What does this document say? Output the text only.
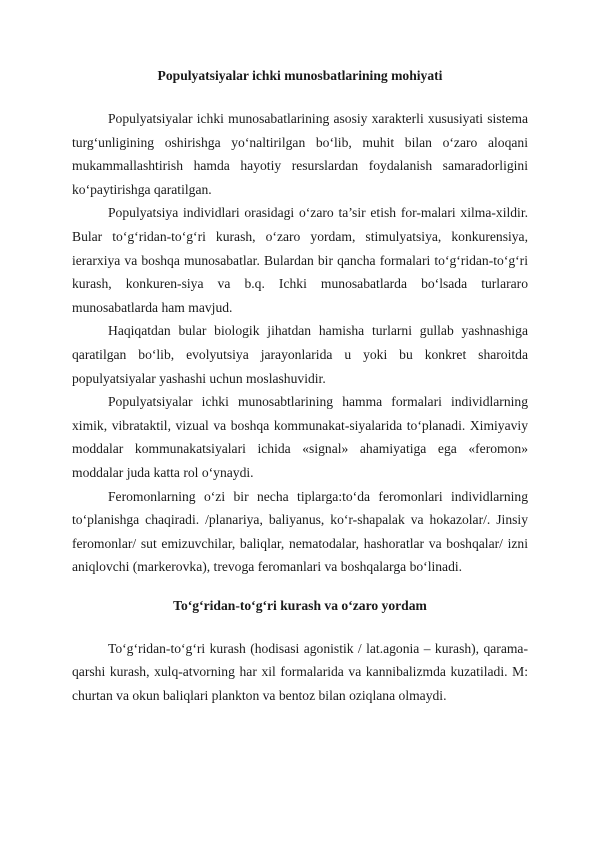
Populyatsiyalar ichki munosbatlarining mohiyati

Populyatsiyalar ichki munosabatlarining asosiy xarakterli xususiyati sistema turg‘unligining oshirishga yo‘naltirilgan bo‘lib, muhit bilan o‘zaro aloqani mukammallashtirish hamda hayotiy resurslardan foydalanish samaradorligini ko‘paytirishga qaratilgan.

Populyatsiya individlari orasidagi o‘zaro ta’sir etish for-malari xilma-xildir. Bular to‘g‘ridan-to‘g‘ri kurash, o‘zaro yordam, stimulyatsiya, konkurensiya, ierarxiya va boshqa munosabatlar. Bulardan bir qancha formalari to‘g‘ridan-to‘g‘ri kurash, konkuren-siya va b.q. Ichki munosabatlarda bo‘lsada turlararo munosabatlarda ham mavjud.

Haqiqatdan bular biologik jihatdan hamisha turlarni gullab yashnashiga qaratilgan bo‘lib, evolyutsiya jarayonlarida u yoki bu konkret sharoitda populyatsiyalar yashashi uchun moslashuvidir.

Populyatsiyalar ichki munosabtlarining hamma formalari individlarning ximik, vibrataktil, vizual va boshqa kommunakat-siyalarida to‘planadi. Ximiyaviy moddalar kommunakatsiyalari ichida «signal» ahamiyatiga ega «feromon» moddalar juda katta rol o‘ynaydi.

Feromonlarning o‘zi bir necha tiplarga:to‘da feromonlari individlarning to‘planishga chaqiradi. /planariya, baliyanus, ko‘r-shapalak va hokazolar/. Jinsiy feromonlar/ sut emizuvchilar, baliqlar, nematodalar, hashoratlar va boshqalar/ izni aniqlovchi (markerovka), trevoga feromanlari va boshqalarga bo‘linadi.

To‘g‘ridan-to‘g‘ri kurash va o‘zaro yordam

To‘g‘ridan-to‘g‘ri kurash (hodisasi agonistik / lat.agonia – kurash), qarama-qarshi kurash, xulq-atvorning har xil formalarida va kannibalizmda kuzatiladi. M: churtan va okun baliqlari plankton va bentoz bilan oziqlana olmaydi.
